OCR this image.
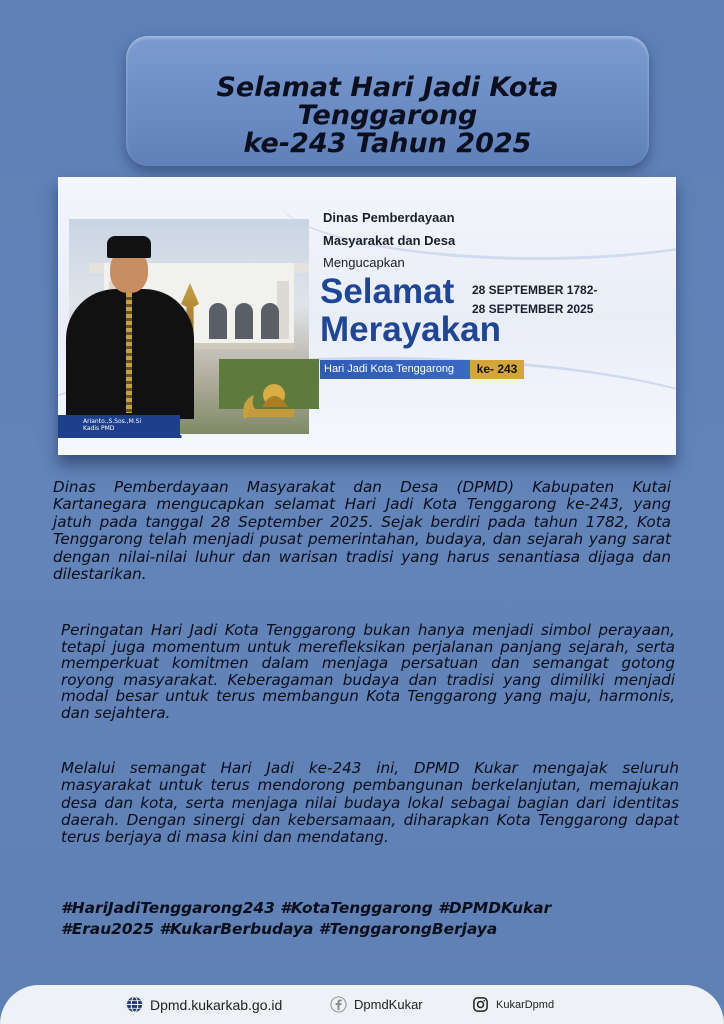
Selamat Hari Jadi Kota Tenggarong
ke-243 Tahun 2025
Arianto.,S.Sos.,M.Si
Kadis PMD
Dinas Pemberdayaan
Masyarakat dan Desa
Mengucapkan
Selamat
Merayakan
28 SEPTEMBER 1782-
28 SEPTEMBER 2025
Hari Jadi Kota Tenggarong	ke- 243
Dinas Pemberdayaan Masyarakat dan Desa (DPMD) Kabupaten Kutai Kartanegara mengucapkan selamat Hari Jadi Kota Tenggarong ke-243, yang jatuh pada tanggal 28 September 2025. Sejak berdiri pada tahun 1782, Kota Tenggarong telah menjadi pusat pemerintahan, budaya, dan sejarah yang sarat dengan nilai-nilai luhur dan warisan tradisi yang harus senantiasa dijaga dan dilestarikan.
Peringatan Hari Jadi Kota Tenggarong bukan hanya menjadi simbol perayaan, tetapi juga momentum untuk merefleksikan perjalanan panjang sejarah, serta memperkuat komitmen dalam menjaga persatuan dan semangat gotong royong masyarakat. Keberagaman budaya dan tradisi yang dimiliki menjadi modal besar untuk terus membangun Kota Tenggarong yang maju, harmonis, dan sejahtera.
Melalui semangat Hari Jadi ke-243 ini, DPMD Kukar mengajak seluruh masyarakat untuk terus mendorong pembangunan berkelanjutan, memajukan desa dan kota, serta menjaga nilai budaya lokal sebagai bagian dari identitas daerah. Dengan sinergi dan kebersamaan, diharapkan Kota Tenggarong dapat terus berjaya di masa kini dan mendatang.
#HariJadiTenggarong243 #KotaTenggarong #DPMDKukar
#Erau2025 #KukarBerbudaya #TenggarongBerjaya
Dpmd.kukarkab.go.id	DpmdKukar	KukarDpmd
